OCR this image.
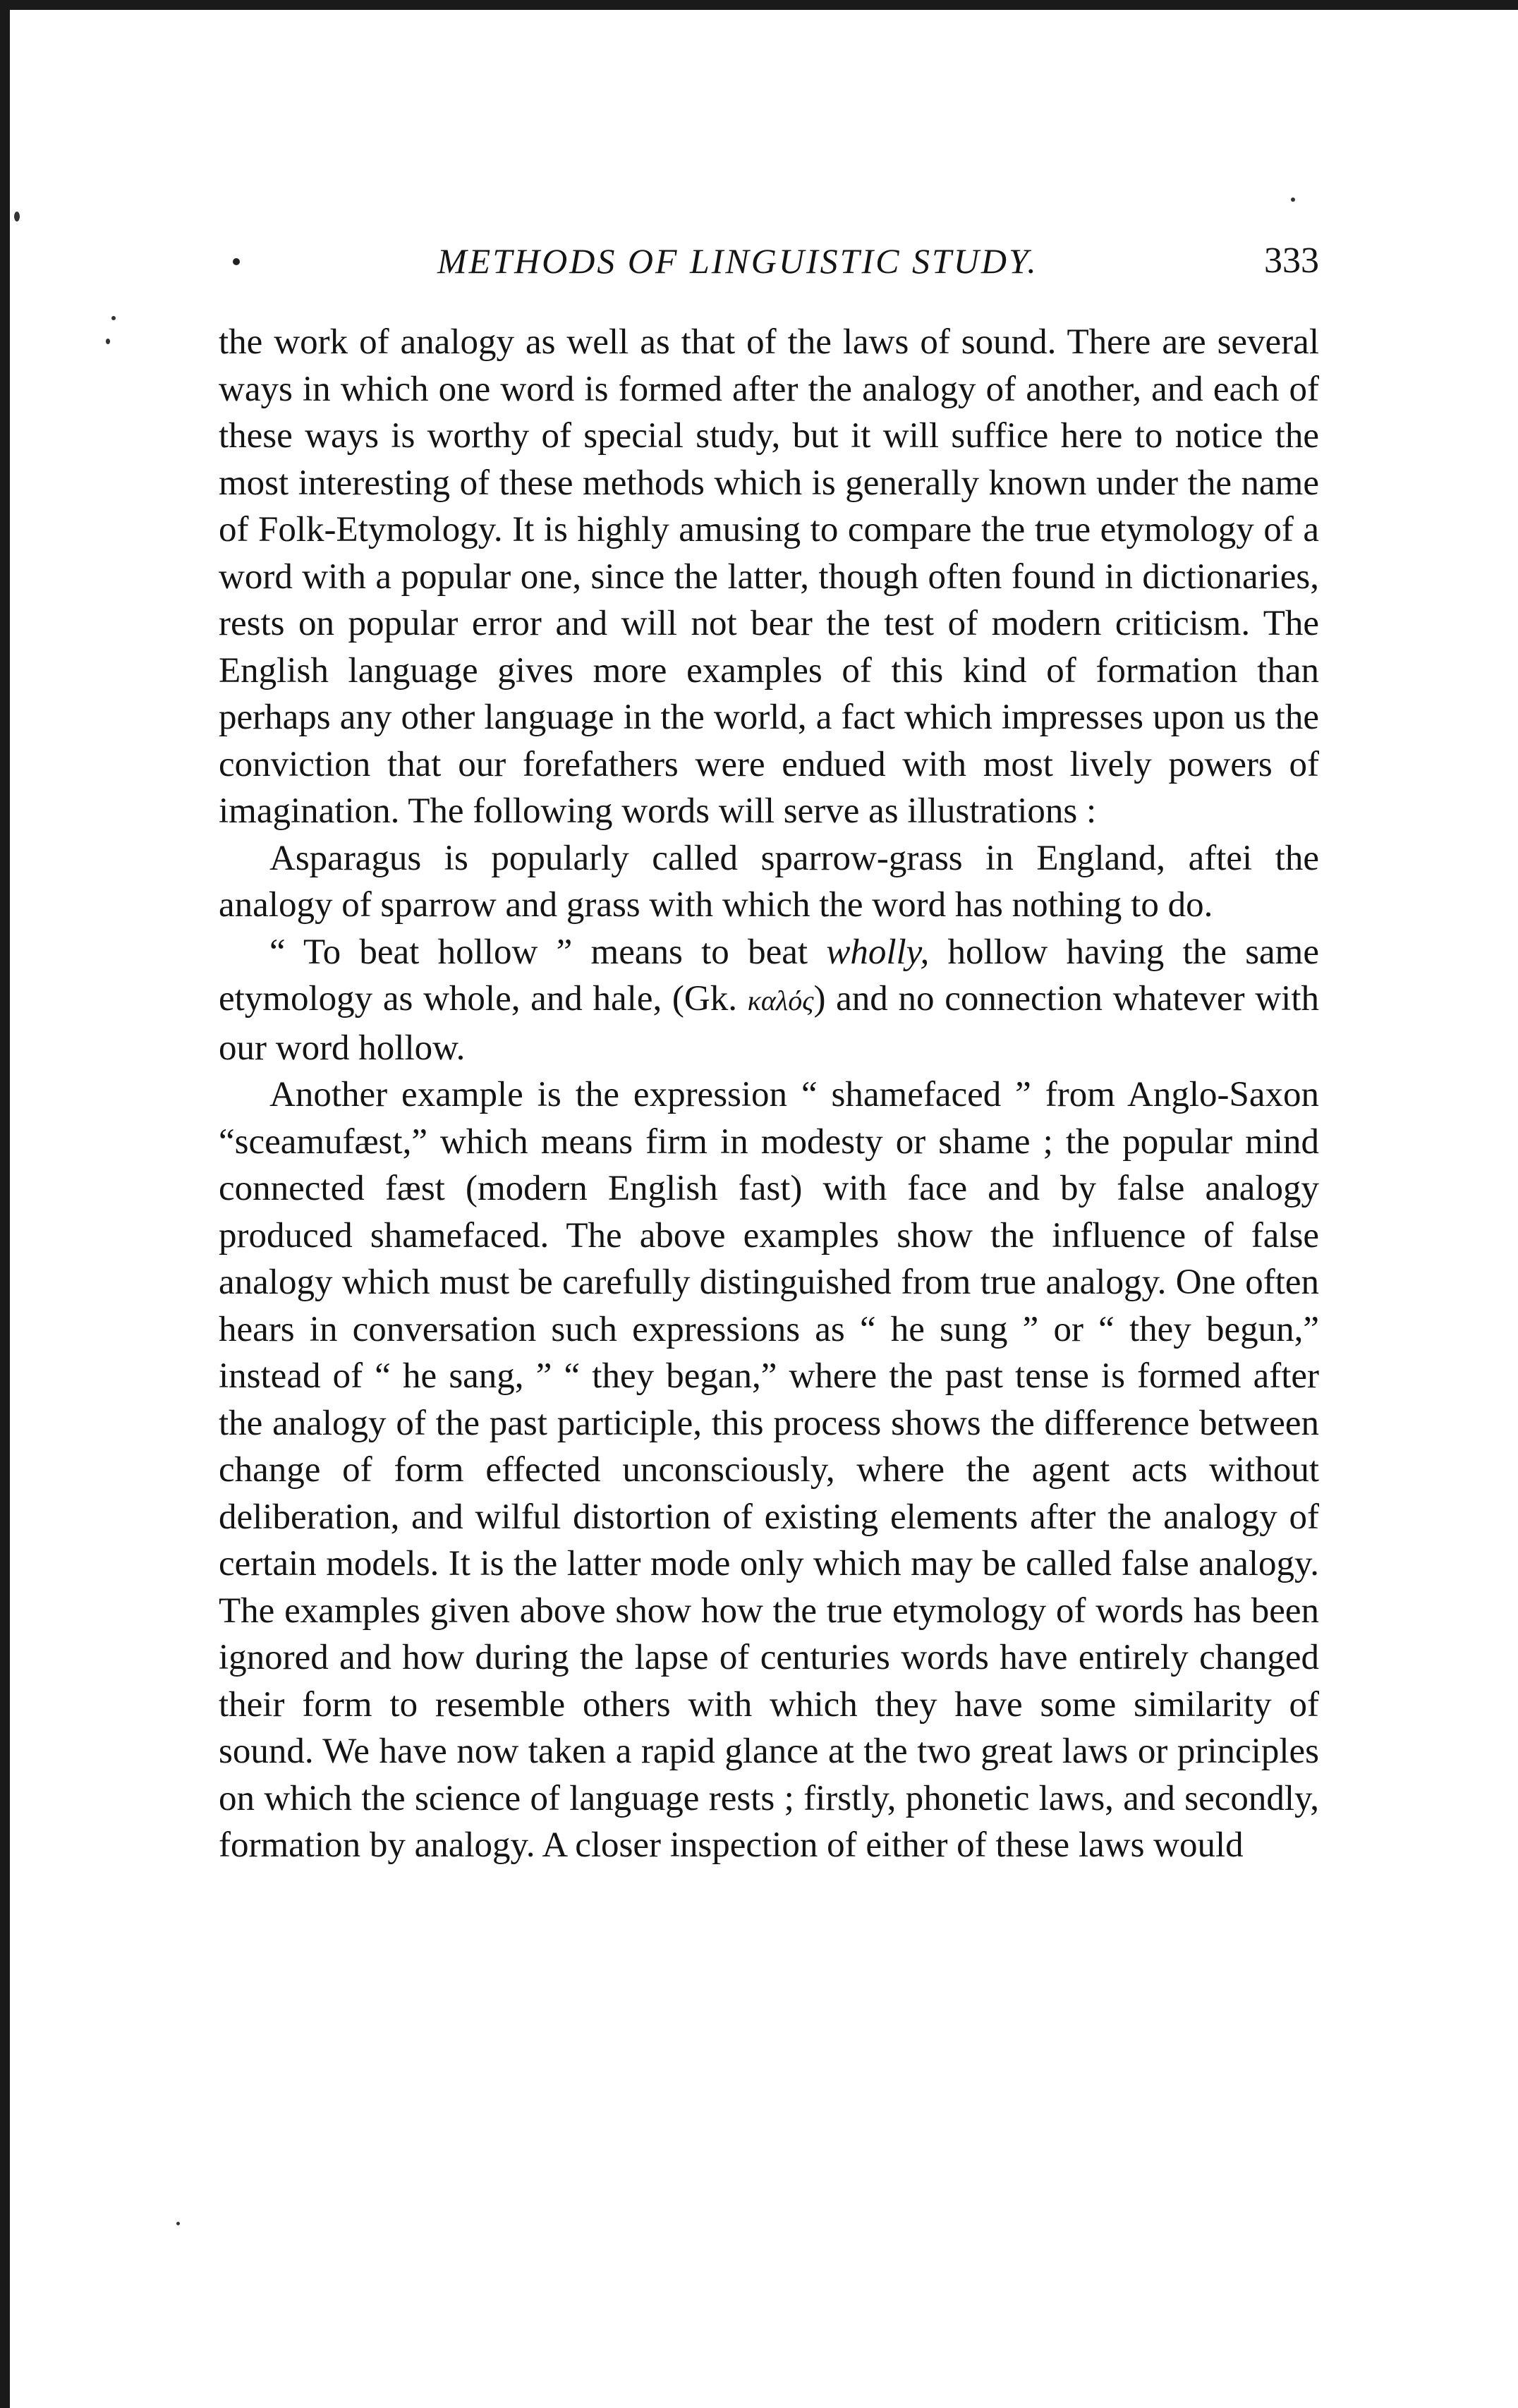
METHODS OF LINGUISTIC STUDY.	333

the work of analogy as well as that of the laws of sound. There are several ways in which one word is formed after the analogy of another, and each of these ways is worthy of special study, but it will suffice here to notice the most interesting of these methods which is generally known under the name of Folk-Etymology. It is highly amusing to compare the true etymology of a word with a popular one, since the latter, though often found in dictionaries, rests on popular error and will not bear the test of modern criticism. The English language gives more examples of this kind of formation than perhaps any other language in the world, a fact which impresses upon us the conviction that our forefathers were endued with most lively powers of imagination. The following words will serve as illustrations :

Asparagus is popularly called sparrow-grass in England, aftei the analogy of sparrow and grass with which the word has nothing to do.

“ To beat hollow ” means to beat wholly, hollow having the same etymology as whole, and hale, (Gk. καλός) and no connection whatever with our word hollow.

Another example is the expression “ shamefaced ” from Anglo-Saxon “sceamufæst,” which means firm in modesty or shame ; the popular mind connected fæst (modern English fast) with face and by false analogy produced shamefaced. The above examples show the influence of false analogy which must be carefully distinguished from true analogy. One often hears in conversation such expressions as “ he sung ” or “ they begun,” instead of “ he sang, ” “ they began,” where the past tense is formed after the analogy of the past participle, this process shows the difference between change of form effected unconsciously, where the agent acts without deliberation, and wilful distortion of existing elements after the analogy of certain models. It is the latter mode only which may be called false analogy. The examples given above show how the true etymology of words has been ignored and how during the lapse of centuries words have entirely changed their form to resemble others with which they have some similarity of sound. We have now taken a rapid glance at the two great laws or principles on which the science of language rests ; firstly, phonetic laws, and secondly, formation by analogy. A closer inspection of either of these laws would
